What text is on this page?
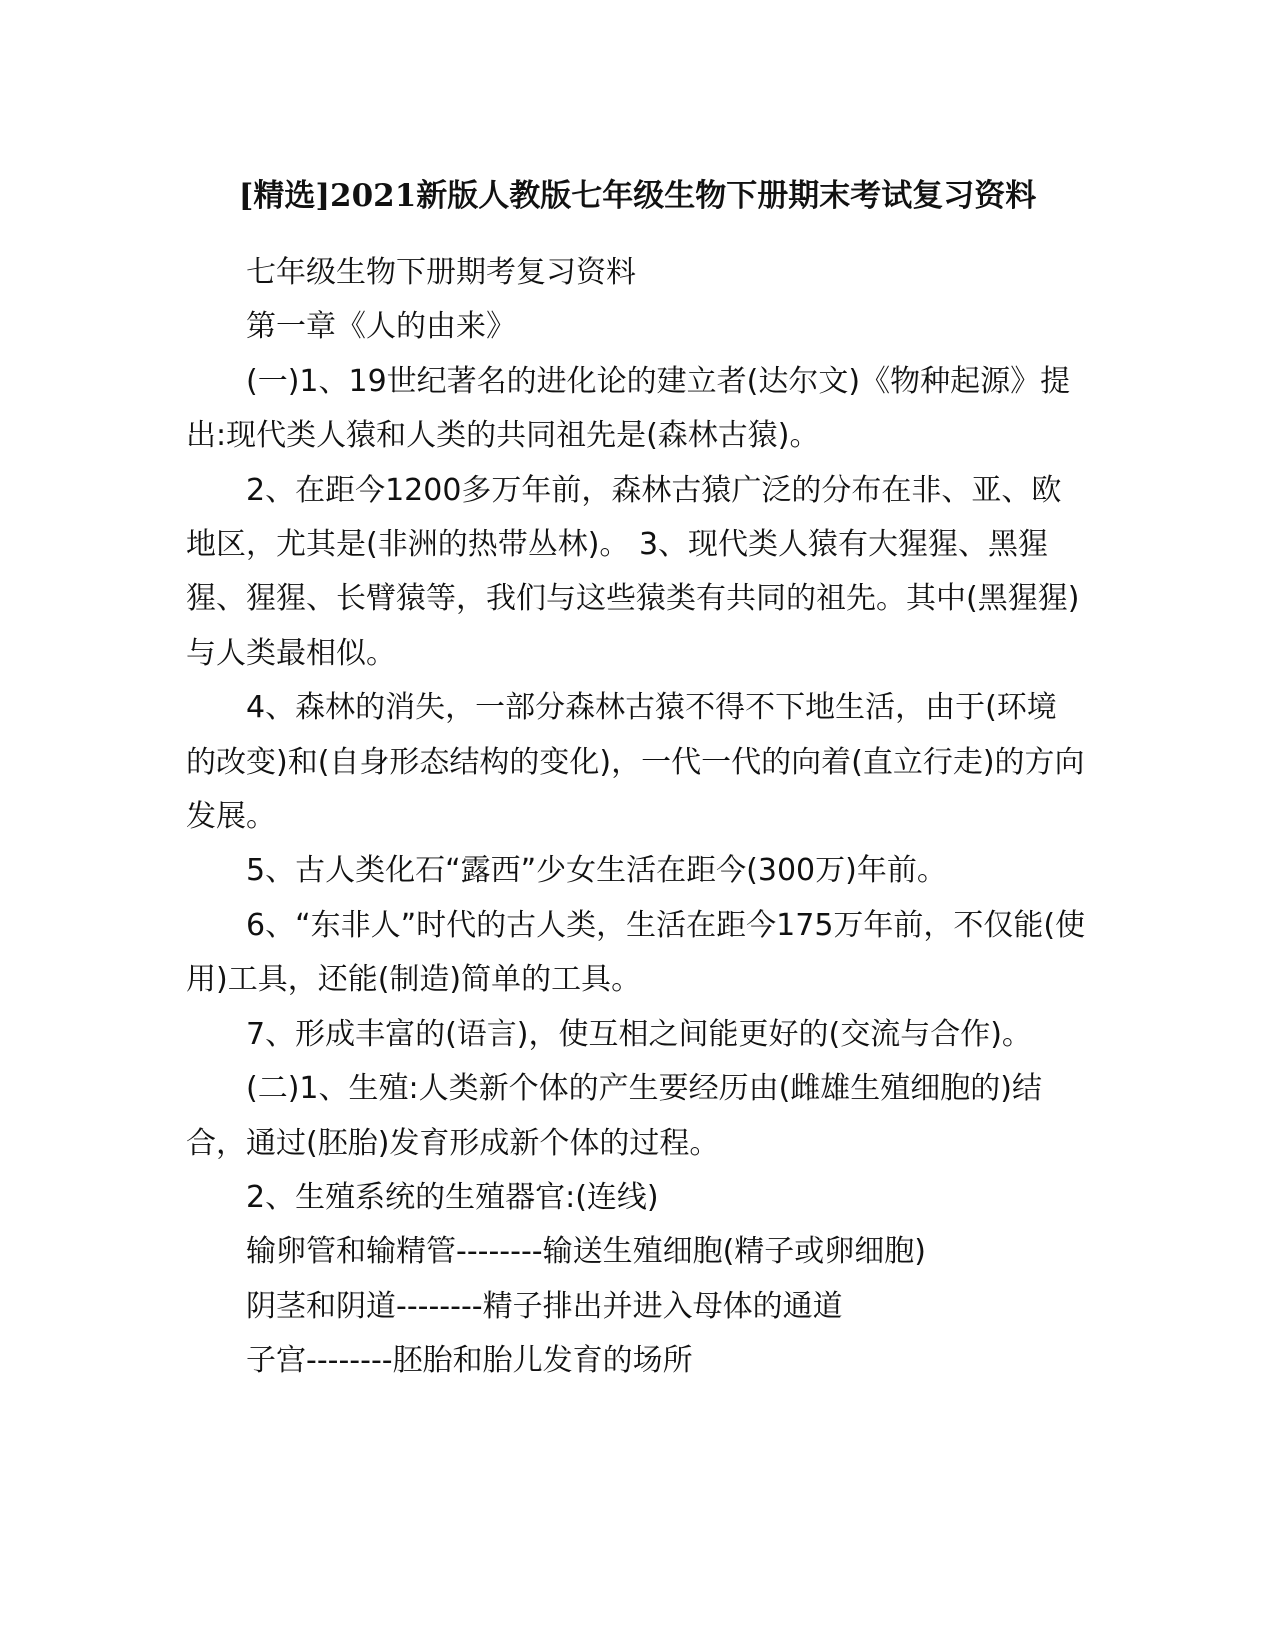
[精选]2021新版人教版七年级生物下册期末考试复习资料

七年级生物下册期考复习资料

第一章《人的由来》

(一)1、19世纪著名的进化论的建立者(达尔文)《物种起源》提出:现代类人猿和人类的共同祖先是(森林古猿)。

2、在距今1200多万年前，森林古猿广泛的分布在非、亚、欧地区，尤其是(非洲的热带丛林)。 3、现代类人猿有大猩猩、黑猩猩、猩猩、长臂猿等，我们与这些猿类有共同的祖先。其中(黑猩猩)与人类最相似。

4、森林的消失，一部分森林古猿不得不下地生活，由于(环境的改变)和(自身形态结构的变化)，一代一代的向着(直立行走)的方向发展。

5、古人类化石“露西”少女生活在距今(300万)年前。

6、“东非人”时代的古人类，生活在距今175万年前，不仅能(使用)工具，还能(制造)简单的工具。

7、形成丰富的(语言)，使互相之间能更好的(交流与合作)。

(二)1、生殖:人类新个体的产生要经历由(雌雄生殖细胞的)结合，通过(胚胎)发育形成新个体的过程。

2、生殖系统的生殖器官:(连线)

输卵管和输精管--------输送生殖细胞(精子或卵细胞)

阴茎和阴道--------精子排出并进入母体的通道

子宫--------胚胎和胎儿发育的场所
